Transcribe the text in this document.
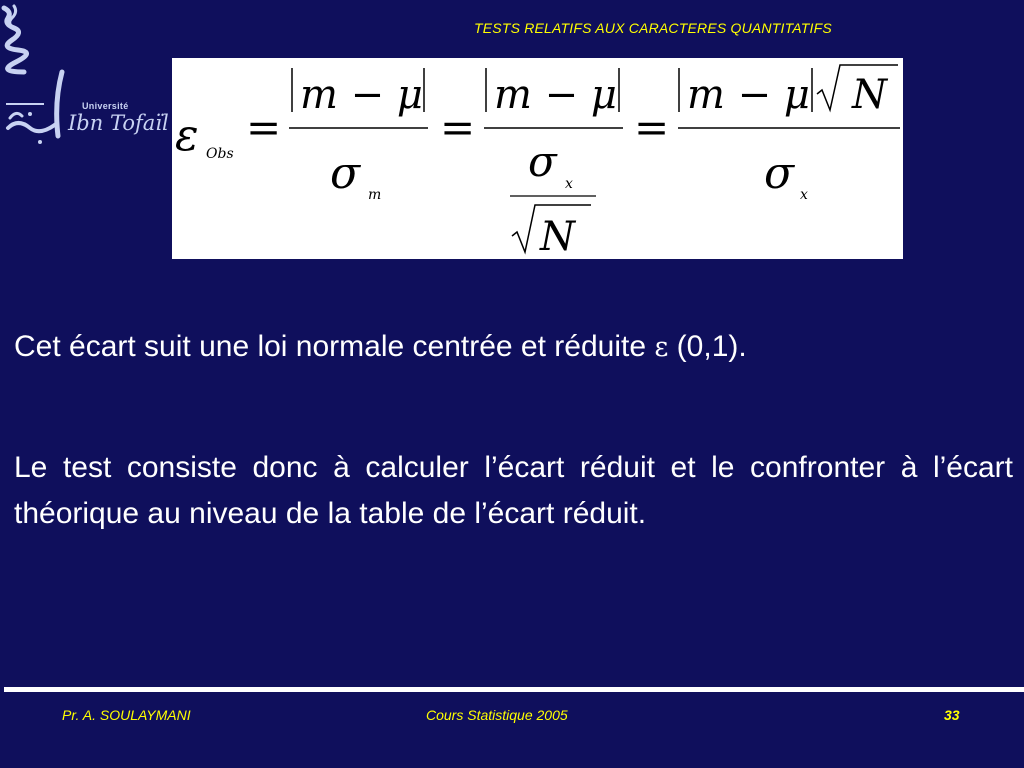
TESTS RELATIFS AUX CARACTERES QUANTITATIFS
Université
Ibn Tofaïl ε Obs
=
m − μ
σ m
=
m − μ
σ x
N
=
m − μ N
σ x
Cet écart suit une loi normale centrée et réduite ε (0,1).
Le test consiste donc à calculer l’écart réduit et le confronter à l’écart théorique au niveau de la table de l’écart réduit.
Pr. A. SOULAYMANI	Cours Statistique 2005	33
